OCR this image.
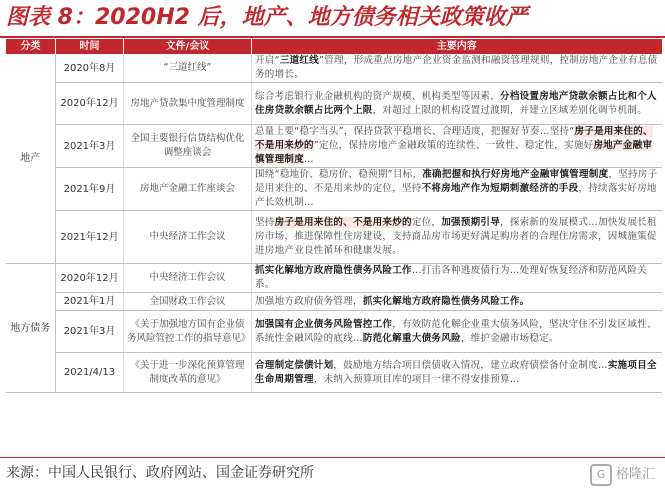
图表 8：2020H2 后，地产、地方债务相关政策收严
分类	时间	文件/会议	主要内容
地产	2020年8月	“三道红线”	开启“三道红线”管理，形成重点房地产企业资金监测和融资管理规则，控制房地产企业有息债务的增长。
	2020年12月	房地产贷款集中度管理制度	综合考虑银行业金融机构的资产规模、机构类型等因素，分档设置房地产贷款余额占比和个人住房贷款余额占比两个上限，对超过上限的机构设置过渡期，并建立区域差别化调节机制。
	2021年3月	全国主要银行信贷结构优化调整座谈会	总量上要“稳字当头”，保持贷款平稳增长、合理适度，把握好节奏…坚持“房子是用来住的、不是用来炒的”定位，保持房地产金融政策的连续性、一致性、稳定性，实施好房地产金融审慎管理制度…
	2021年9月	房地产金融工作座谈会	围绕“稳地价、稳房价、稳预期”目标，准确把握和执行好房地产金融审慎管理制度，坚持房子是用来住的、不是用来炒的定位，坚持不将房地产作为短期刺激经济的手段，持续落实好房地产长效机制…
	2021年12月	中央经济工作会议	坚持房子是用来住的、不是用来炒的定位，加强预期引导，探索新的发展模式…加快发展长租房市场，推进保障性住房建设，支持商品房市场更好满足购房者的合理住房需求，因城施策促进房地产业良性循环和健康发展。
地方债务	2020年12月	中央经济工作会议	抓实化解地方政府隐性债务风险工作…打击各种逃废债行为…处理好恢复经济和防范风险关系。
	2021年1月	全国财政工作会议	加强地方政府债务管理，抓实化解地方政府隐性债务风险工作。
	2021年3月	《关于加强地方国有企业债务风险管控工作的指导意见》	加强国有企业债务风险管控工作，有效防范化解企业重大债务风险，坚决守住不引发区域性、系统性金融风险的底线…防范化解重大债务风险，维护金融市场稳定。
	2021/4/13	《关于进一步深化预算管理制度改革的意见》	合理制定偿债计划，鼓励地方结合项目偿债收入情况，建立政府债偿备付金制度…实施项目全生命周期管理，未纳入预算项目库的项目一律不得安排预算…
来源：中国人民银行、政府网站、国金证券研究所	G 格隆汇
